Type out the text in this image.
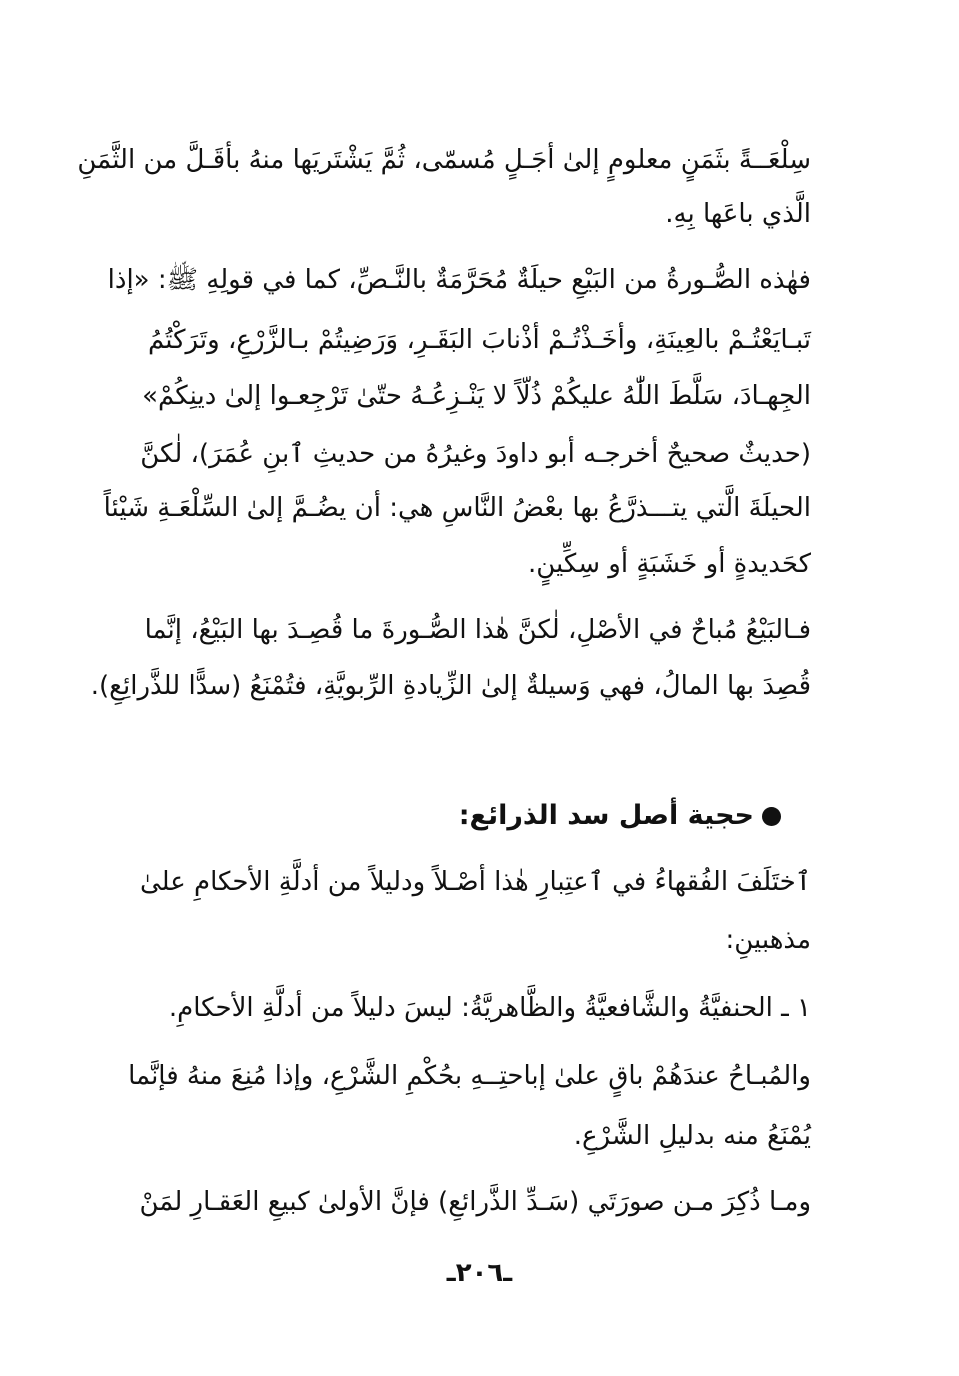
سِلْعَــةً بثَمَنٍ معلومٍ إلىٰ أجَـلٍ مُسمّى، ثُمَّ يَشْتَريَها منهُ بأقَـلَّ من الثَّمَنِ
الَّذي باعَها بِهِ.
فهٰذه الصُّـورةُ من البَيْعِ حيلَةٌ مُحَرَّمَةٌ بالنَّـصِّ، كما في قولِهِ ﷺ: «إذا
تَبـايَعْتُـمْ بالعِينَةِ، وأخَـذْتُـمْ أذْنابَ البَقَـرِ، وَرَضِيتُمْ بـالزَّرْعِ، وتَرَكْتُمُ
الجِهـادَ، سَلَّطَ اللّٰهُ عليكُمْ ذُلّاً لا يَنْـزِعُـهُ حتّىٰ تَرْجِعـوا إلىٰ دينِكُمْ»
(حديثٌ صحيحٌ أخرجـه أبو داودَ وغيرُهُ من حديثِ ٱبنِ عُمَرَ)، لٰكنَّ
الحيلَةَ الَّتي يتـــذرَّعُ بها بعْضُ النَّاسِ هي: أن يضُـمَّ إلىٰ السِّلْعَـةِ شَيْئاً
كحَديدةٍ أو خَشَبَةٍ أو سِكِّينٍ.
فـالبَيْعُ مُباحٌ في الأصْلِ، لٰكنَّ هٰذا الصُّـورةَ ما قُصِـدَ بها البَيْعُ، إنَّما
قُصِدَ بها المالُ، فهي وَسيلةٌ إلىٰ الزِّيادةِ الرِّبويَّةِ، فتُمْنَعُ (سدًّا للذَّرائِعِ).
حجية أصل سد الذرائع:
ٱختَلَفَ الفُقهاءُ في ٱعتِبارِ هٰذا أصْـلاً ودليلاً من أدلَّةِ الأحكامِ علىٰ
مذهبينِ:
١ ـ الحنفيَّةُ والشَّافعيَّةُ والظَّاهريَّةُ: ليسَ دليلاً من أدلَّةِ الأحكامِ.
والمُبـاحُ عندَهُمْ باقٍ علىٰ إباحتِــهِ بحُكْمِ الشَّرْعِ، وإذا مُنِعَ منهُ فإنَّما
يُمْنَعُ منه بدليلِ الشَّرْعِ.
ومـا ذُكِرَ مـن صورَتَي (سَـدِّ الذَّرائعِ) فإنَّ الأولىٰ كبيعِ العَقـارِ لمَنْ
ـ٢٠٦ـ
